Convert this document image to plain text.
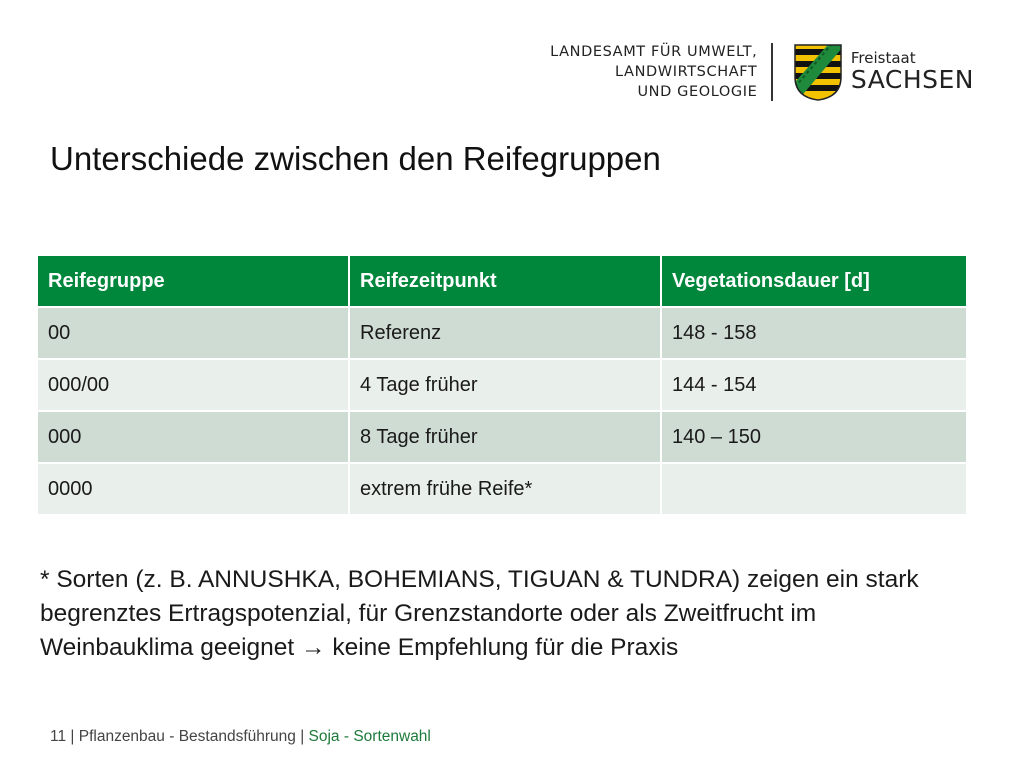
LANDESAMT FÜR UMWELT,
LANDWIRTSCHAFT
UND GEOLOGIE
Freistaat
SACHSEN
Unterschiede zwischen den Reifegruppen
Reifegruppe	Reifezeitpunkt	Vegetationsdauer [d]
00	Referenz	148 - 158
000/00	4 Tage früher	144 - 154
000	8 Tage früher	140 – 150
0000	extrem frühe Reife*	

* Sorten (z. B. ANNUSHKA, BOHEMIANS, TIGUAN & TUNDRA) zeigen ein stark begrenztes Ertragspotenzial, für Grenzstandorte oder als Zweitfrucht im Weinbauklima geeignet → keine Empfehlung für die Praxis

11 | Pflanzenbau - Bestandsführung | Soja - Sortenwahl
